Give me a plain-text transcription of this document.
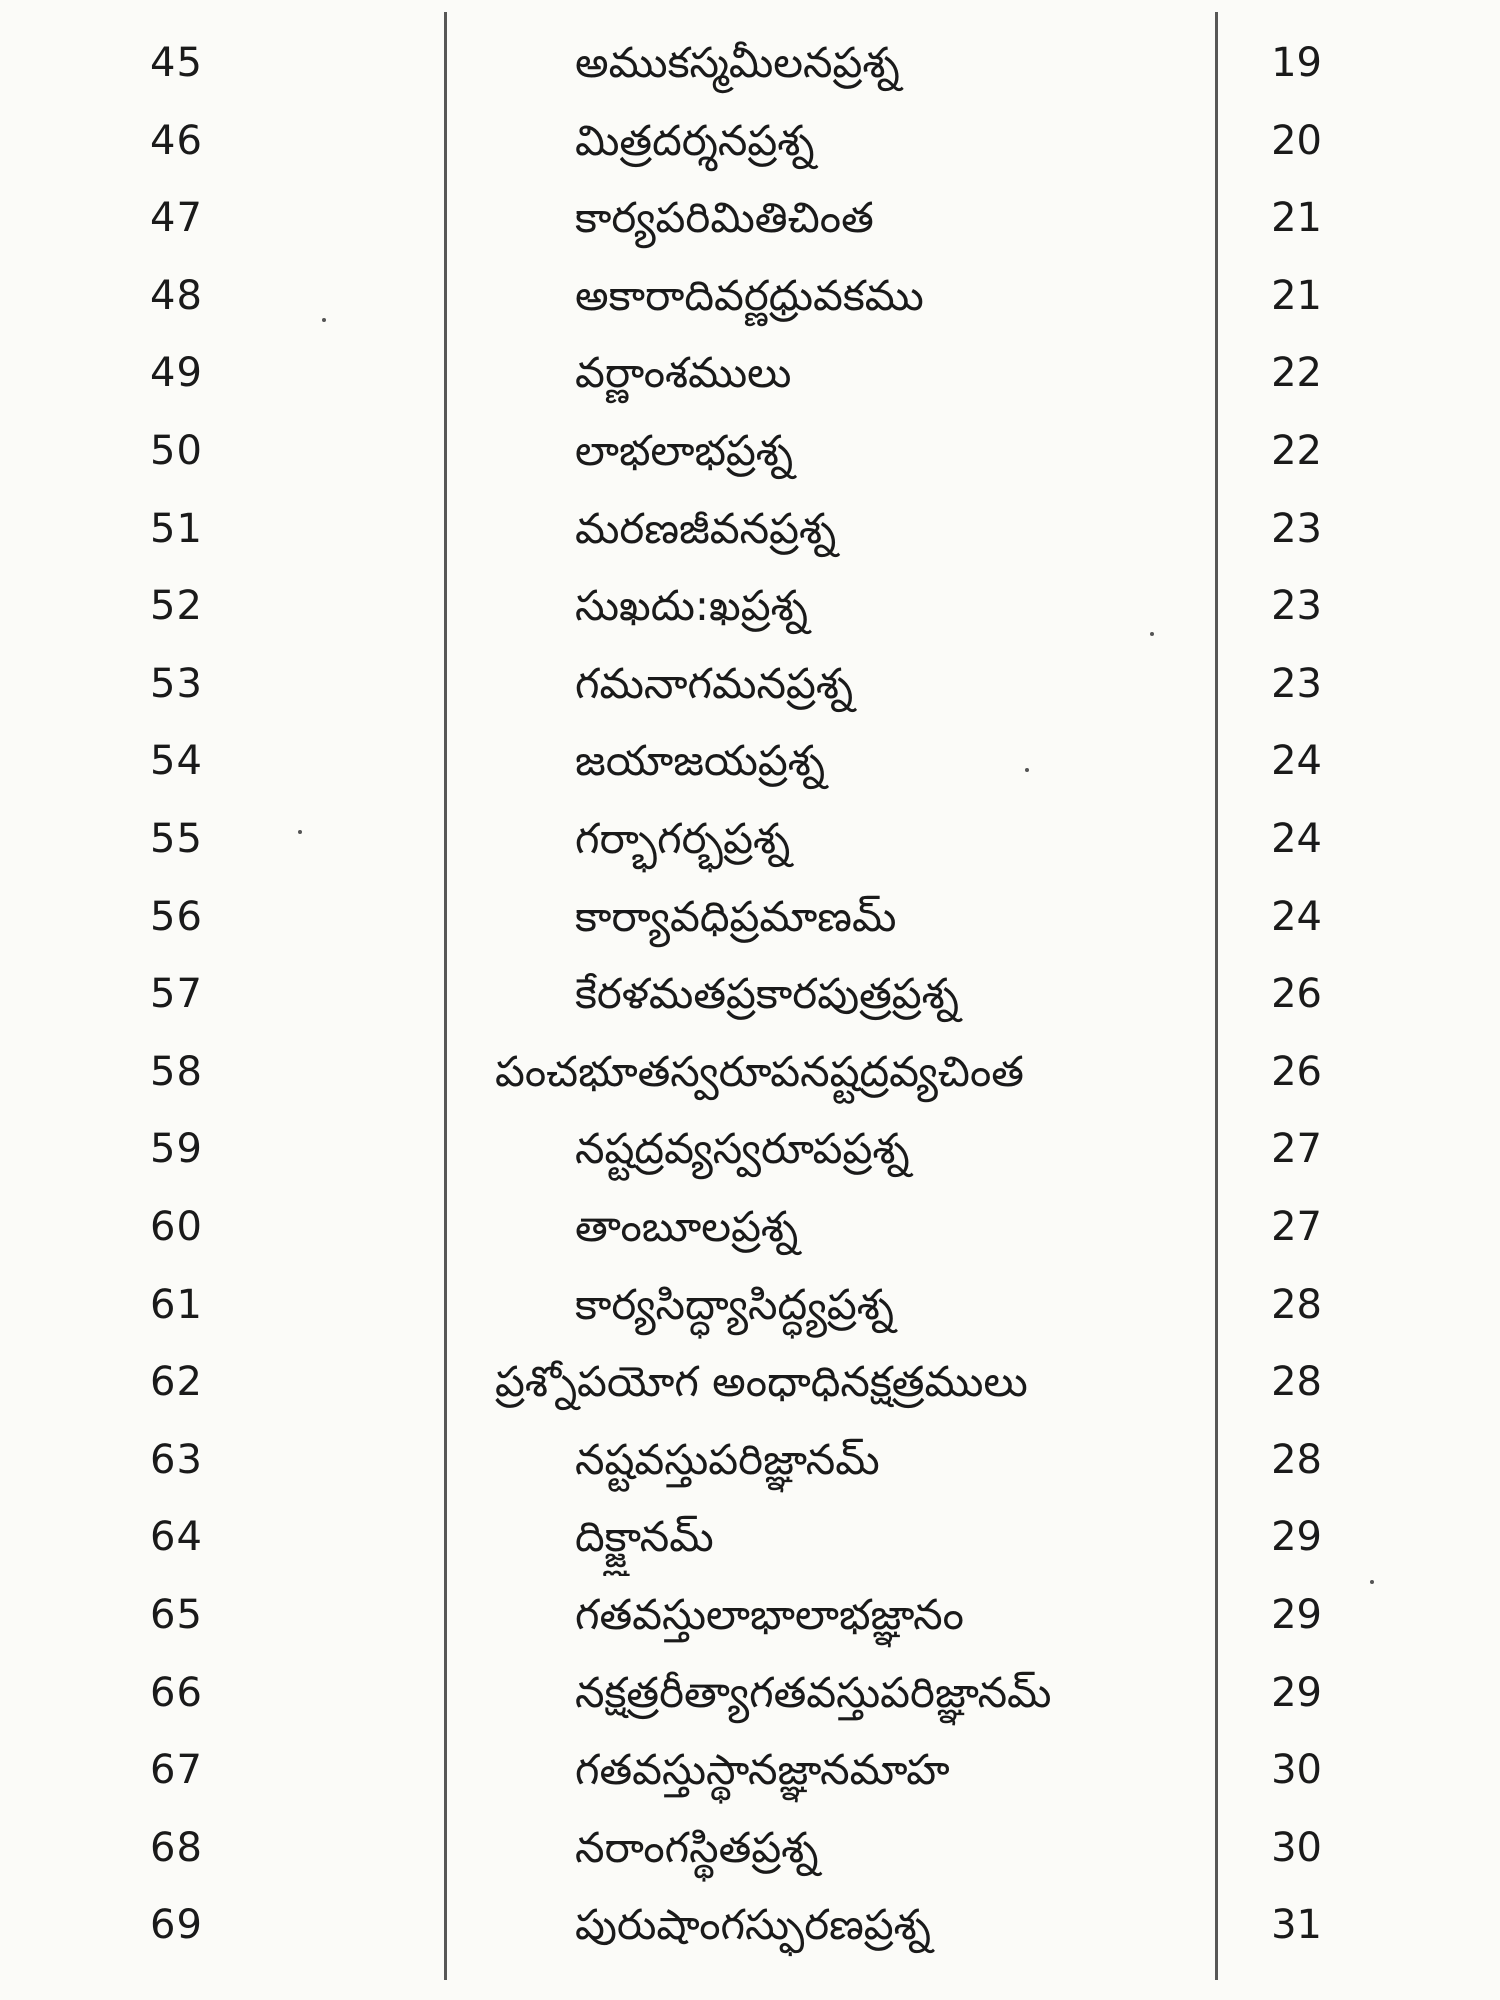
45	అముకస్మమీలనప్రశ్న	19
46	మిత్రదర్శనప్రశ్న	20
47	కార్యపరిమితిచింత	21
48	అకారాదివర్ణధ్రువకము	21
49	వర్ణాంశములు	22
50	లాభలాభప్రశ్న	22
51	మరణజీవనప్రశ్న	23
52	సుఖదు:ఖప్రశ్న	23
53	గమనాగమనప్రశ్న	23
54	జయాజయప్రశ్న	24
55	గర్భాగర్భప్రశ్న	24
56	కార్యావధిప్రమాణమ్	24
57	కేరళమతప్రకారపుత్రప్రశ్న	26
58	పంచభూతస్వరూపనష్టద్రవ్యచింత	26
59	నష్టద్రవ్యస్వరూపప్రశ్న	27
60	తాంబూలప్రశ్న	27
61	కార్యసిద్ధ్యాసిద్ధ్యప్రశ్న	28
62	ప్రశ్నోపయోగ అంధాధినక్షత్రములు	28
63	నష్టవస్తుపరిజ్ఞానమ్	28
64	దిక్జ్ఞానమ్	29
65	గతవస్తులాభాలాభజ్ఞానం	29
66	నక్షత్రరీత్యాగతవస్తుపరిజ్ఞానమ్	29
67	గతవస్తుస్థానజ్ఞానమాహ	30
68	నరాంగస్థితప్రశ్న	30
69	పురుషాంగస్ఫురణప్రశ్న	31
